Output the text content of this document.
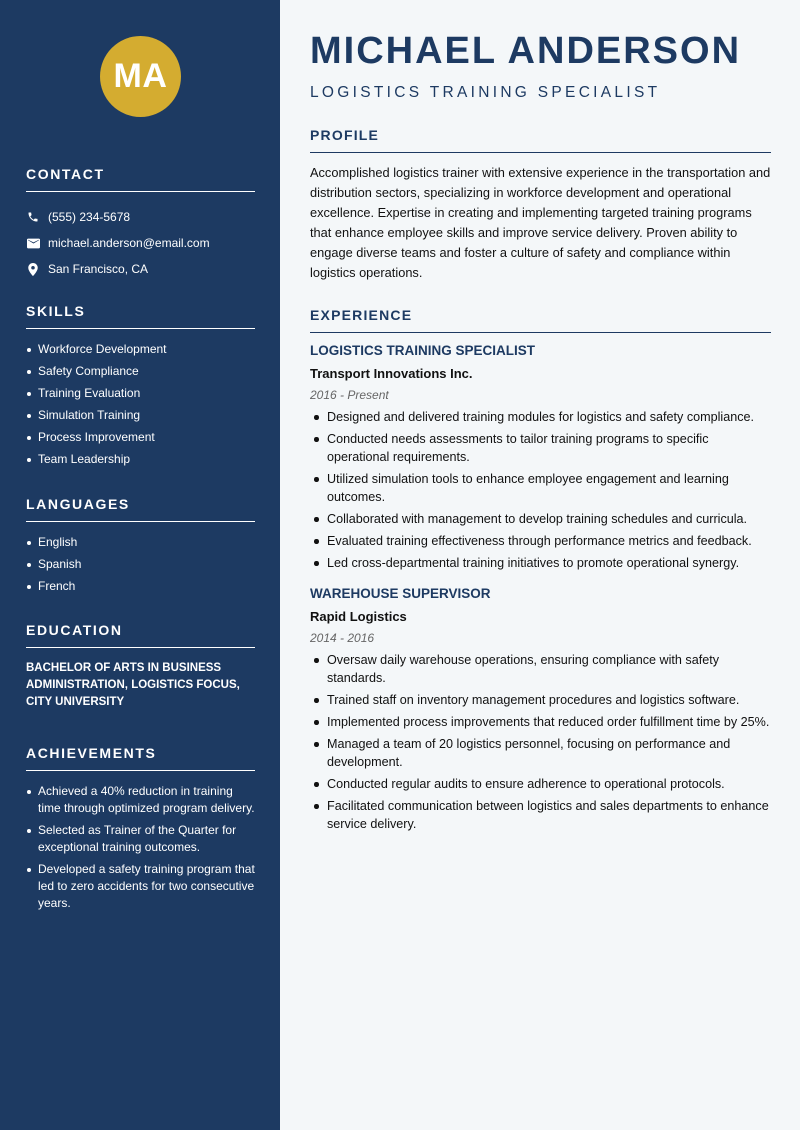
MA
CONTACT
(555) 234-5678
michael.anderson@email.com
San Francisco, CA
SKILLS
Workforce Development
Safety Compliance
Training Evaluation
Simulation Training
Process Improvement
Team Leadership
LANGUAGES
English
Spanish
French
EDUCATION
BACHELOR OF ARTS IN BUSINESS ADMINISTRATION, LOGISTICS FOCUS, CITY UNIVERSITY
ACHIEVEMENTS
Achieved a 40% reduction in training time through optimized program delivery.
Selected as Trainer of the Quarter for exceptional training outcomes.
Developed a safety training program that led to zero accidents for two consecutive years.
MICHAEL ANDERSON
LOGISTICS TRAINING SPECIALIST
PROFILE

Accomplished logistics trainer with extensive experience in the transportation and distribution sectors, specializing in workforce development and operational excellence. Expertise in creating and implementing targeted training programs that enhance employee skills and improve service delivery. Proven ability to engage diverse teams and foster a culture of safety and compliance within logistics operations.

EXPERIENCE
LOGISTICS TRAINING SPECIALIST
Transport Innovations Inc.
2016 - Present
Designed and delivered training modules for logistics and safety compliance.
Conducted needs assessments to tailor training programs to specific operational requirements.
Utilized simulation tools to enhance employee engagement and learning outcomes.
Collaborated with management to develop training schedules and curricula.
Evaluated training effectiveness through performance metrics and feedback.
Led cross-departmental training initiatives to promote operational synergy.
WAREHOUSE SUPERVISOR
Rapid Logistics
2014 - 2016
Oversaw daily warehouse operations, ensuring compliance with safety standards.
Trained staff on inventory management procedures and logistics software.
Implemented process improvements that reduced order fulfillment time by 25%.
Managed a team of 20 logistics personnel, focusing on performance and development.
Conducted regular audits to ensure adherence to operational protocols.
Facilitated communication between logistics and sales departments to enhance service delivery.
